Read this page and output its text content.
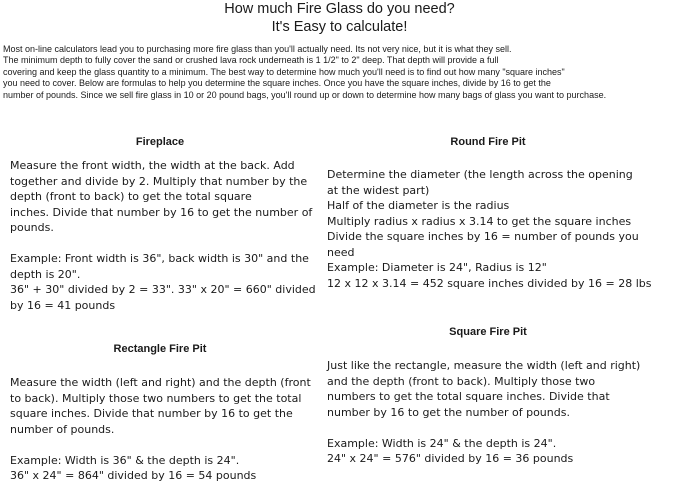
How much Fire Glass do you need?
It's Easy to calculate!

Most on-line calculators lead you to purchasing more fire glass than you'll actually need. Its not very nice, but it is what they sell.

The minimum depth to fully cover the sand or crushed lava rock underneath is 1 1/2" to 2" deep. That depth will provide a full

covering and keep the glass quantity to a minimum. The best way to determine how much you'll need is to find out how many "square inches"

you need to cover. Below are formulas to help you determine the square inches. Once you have the square inches, divide by 16 to get the

number of pounds. Since we sell fire glass in 10 or 20 pound bags, you'll round up or down to determine how many bags of glass you want to purchase.

Fireplace

Measure the front width, the width at the back. Add

together and divide by 2. Multiply that number by the

depth (front to back) to get the total square

inches. Divide that number by 16 to get the number of

pounds.

Example: Front width is 36", back width is 30" and the

depth is 20".

36" + 30" divided by 2 = 33". 33" x 20" = 660" divided

by 16 = 41 pounds

Rectangle Fire Pit

Measure the width (left and right) and the depth (front

to back). Multiply those two numbers to get the total

square inches. Divide that number by 16 to get the

number of pounds.

Example: Width is 36" & the depth is 24".

36" x 24" = 864" divided by 16 = 54 pounds

Round Fire Pit

Determine the diameter (the length across the opening

at the widest part)

Half of the diameter is the radius

Multiply radius x radius x 3.14 to get the square inches

Divide the square inches by 16 = number of pounds you

need

Example: Diameter is 24", Radius is 12"

12 x 12 x 3.14 = 452 square inches divided by 16 = 28 lbs

Square Fire Pit

Just like the rectangle, measure the width (left and right)

and the depth (front to back). Multiply those two

numbers to get the total square inches. Divide that

number by 16 to get the number of pounds.

Example: Width is 24" & the depth is 24".

24" x 24" = 576" divided by 16 = 36 pounds
